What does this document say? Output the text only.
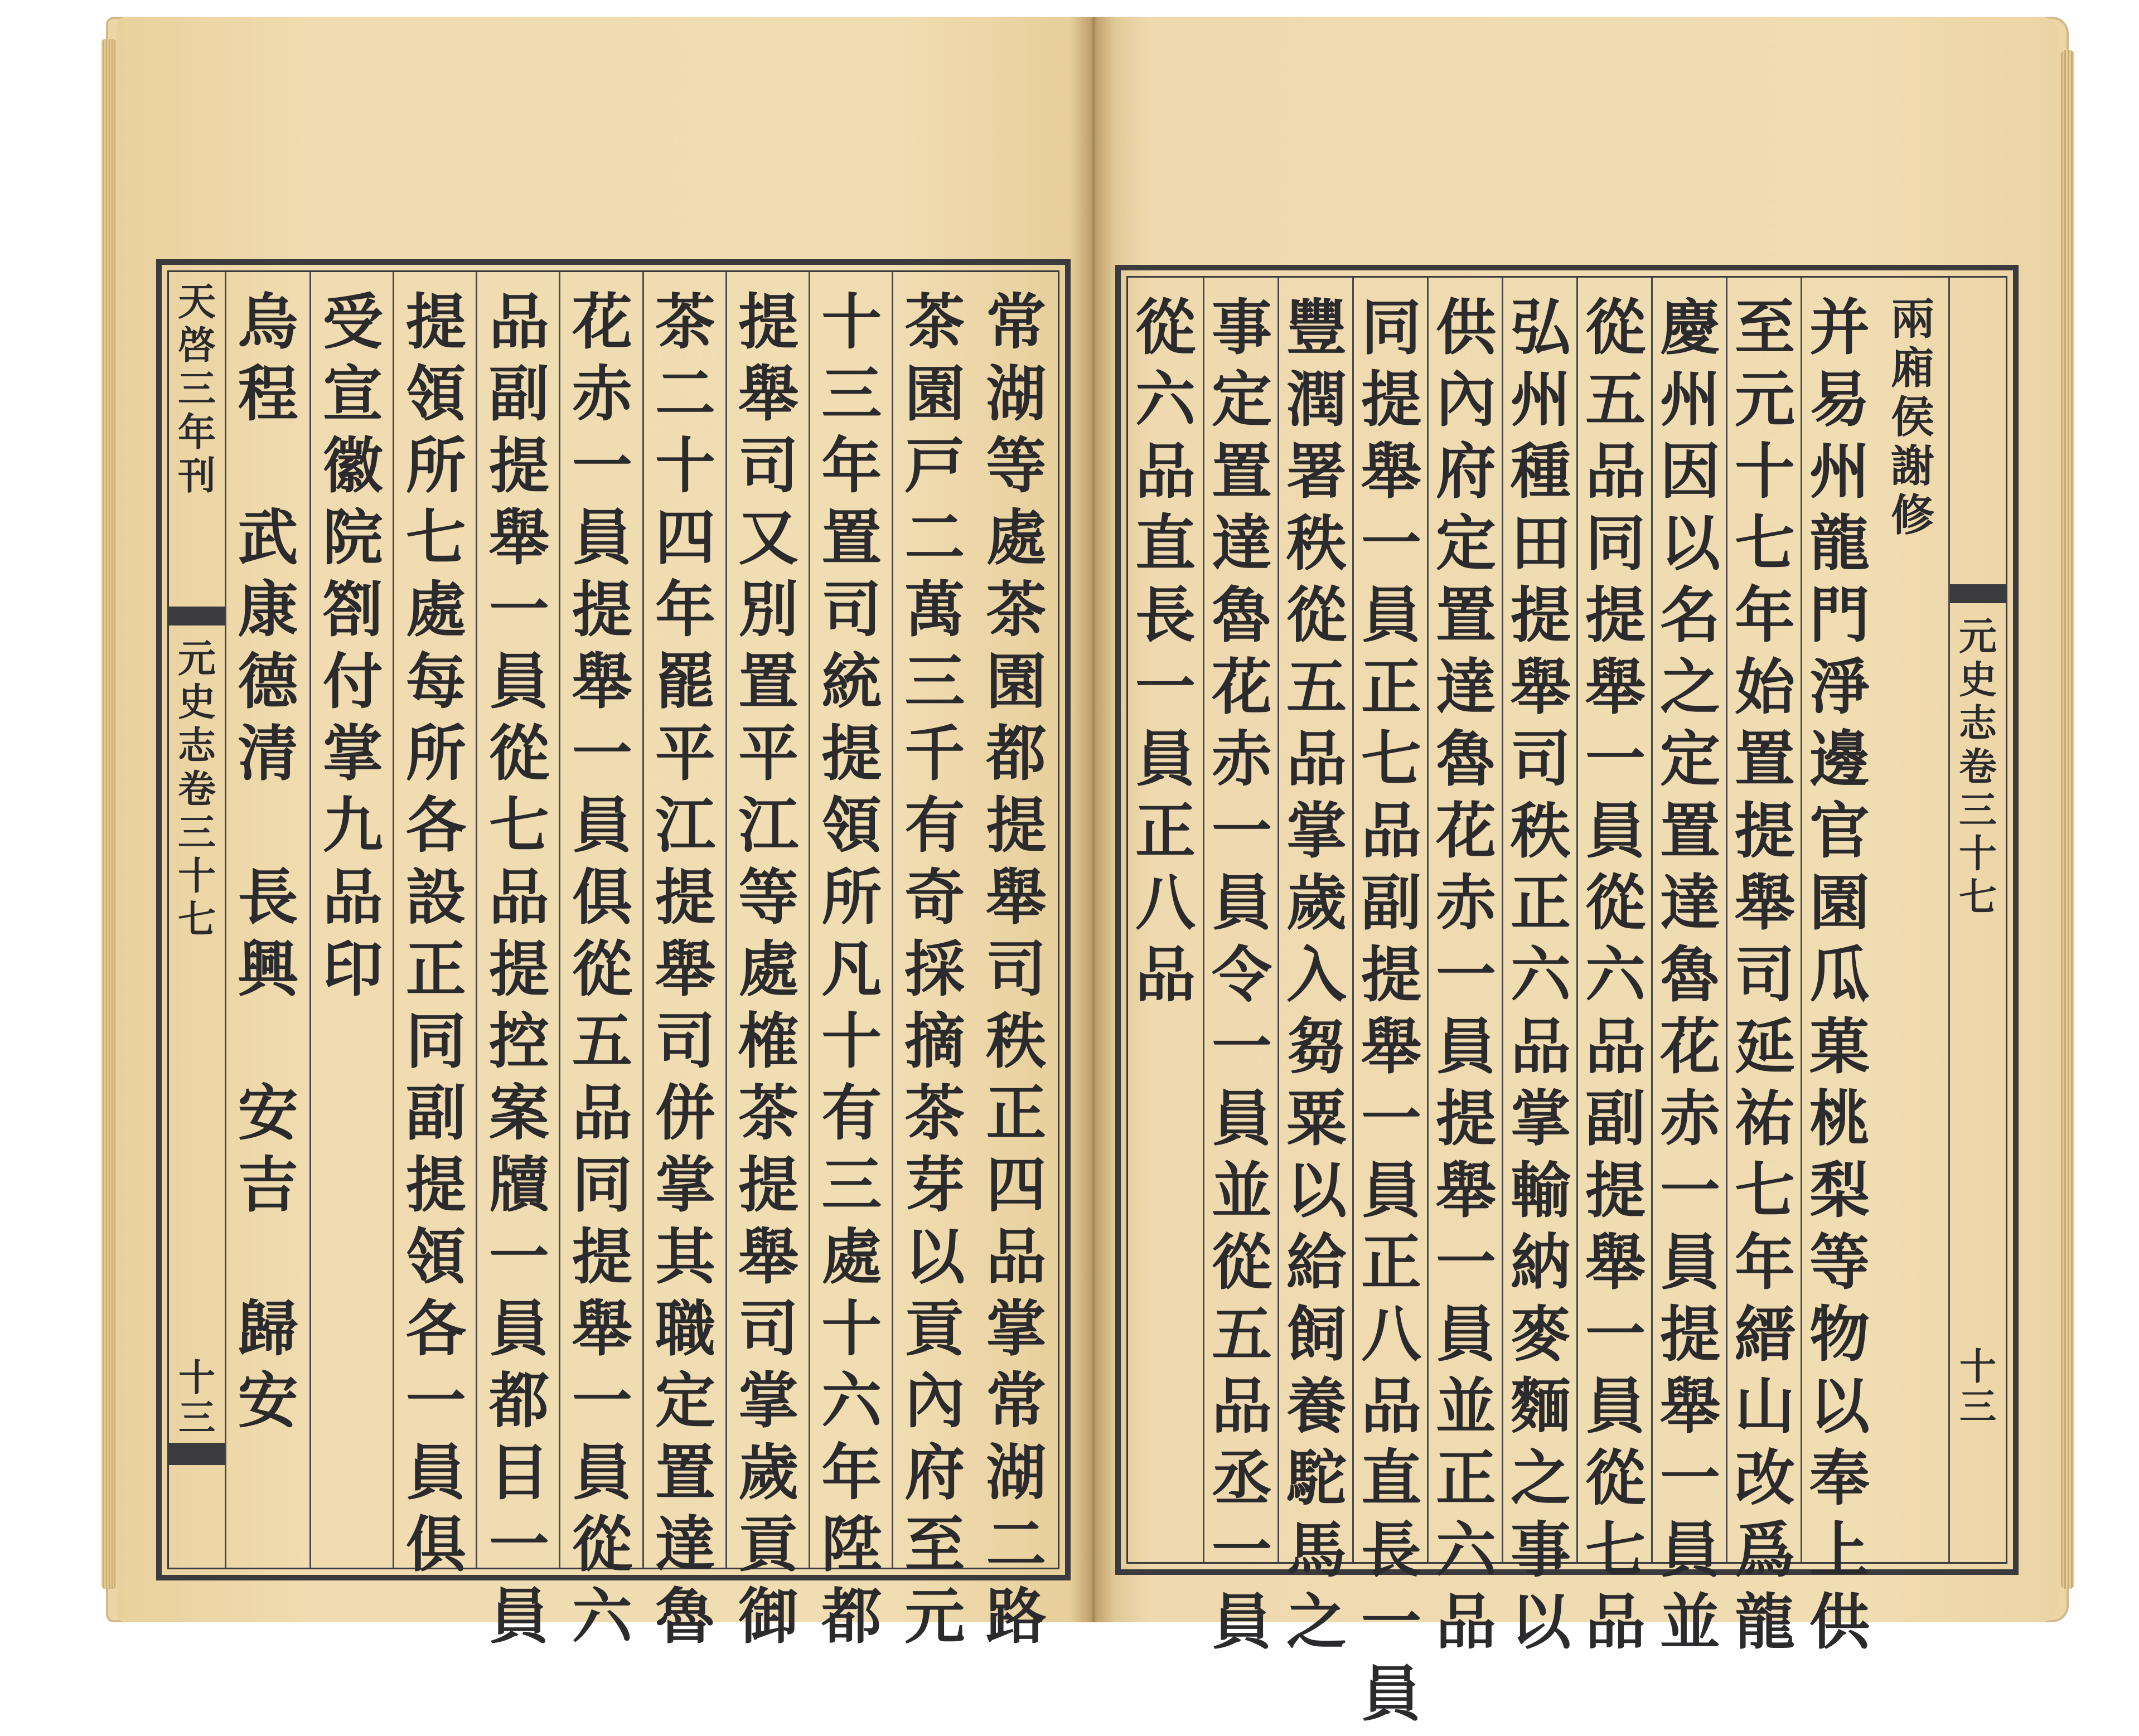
天
啓
三
年
刊
元
史
志
卷
三
十
七
十
三
常
湖
等
處
茶
園
都
提
舉
司
秩
正
四
品
掌
常
湖
二
路
茶
園
戸
二
萬
三
千
有
奇
採
摘
茶
芽
以
貢
內
府
至
元
十
三
年
置
司
統
提
領
所
凡
十
有
三
處
十
六
年
陞
都
提
舉
司
又
別
置
平
江
等
處
榷
茶
提
舉
司
掌
歲
貢
御
茶
二
十
四
年
罷
平
江
提
舉
司
併
掌
其
職
定
置
達
魯
花
赤
一
員
提
舉
一
員
俱
從
五
品
同
提
舉
一
員
從
六
品
副
提
舉
一
員
從
七
品
提
控
案
牘
一
員
都
目
一
員
提
領
所
七
處
每
所
各
設
正
同
副
提
領
各
一
員
俱
受
宣
徽
院
劄
付
掌
九
品
印
烏
程

武
康
德
清

長
興

安
吉

歸
安
兩
廂
侯
謝
修
并
易
州
龍
門
淨
邊
官
園
瓜
菓
桃
梨
等
物
以
奉
上
供
至
元
十
七
年
始
置
提
舉
司
延
祐
七
年
縉
山
改
爲
龍
慶
州
因
以
名
之
定
置
達
魯
花
赤
一
員
提
舉
一
員
並
從
五
品
同
提
舉
一
員
從
六
品
副
提
舉
一
員
從
七
品
弘
州
種
田
提
舉
司
秩
正
六
品
掌
輸
納
麥
麵
之
事
以
供
內
府
定
置
達
魯
花
赤
一
員
提
舉
一
員
並
正
六
品
同
提
舉
一
員
正
七
品
副
提
舉
一
員
正
八
品
直
長
一
員
豐
潤
署
秩
從
五
品
掌
歲
入
芻
粟
以
給
飼
養
駝
馬
之
事
定
置
達
魯
花
赤
一
員
令
一
員
並
從
五
品
丞
一
員
從
六
品
直
長
一
員
正
八
品
元
史
志
卷
三
十
七
十
三
